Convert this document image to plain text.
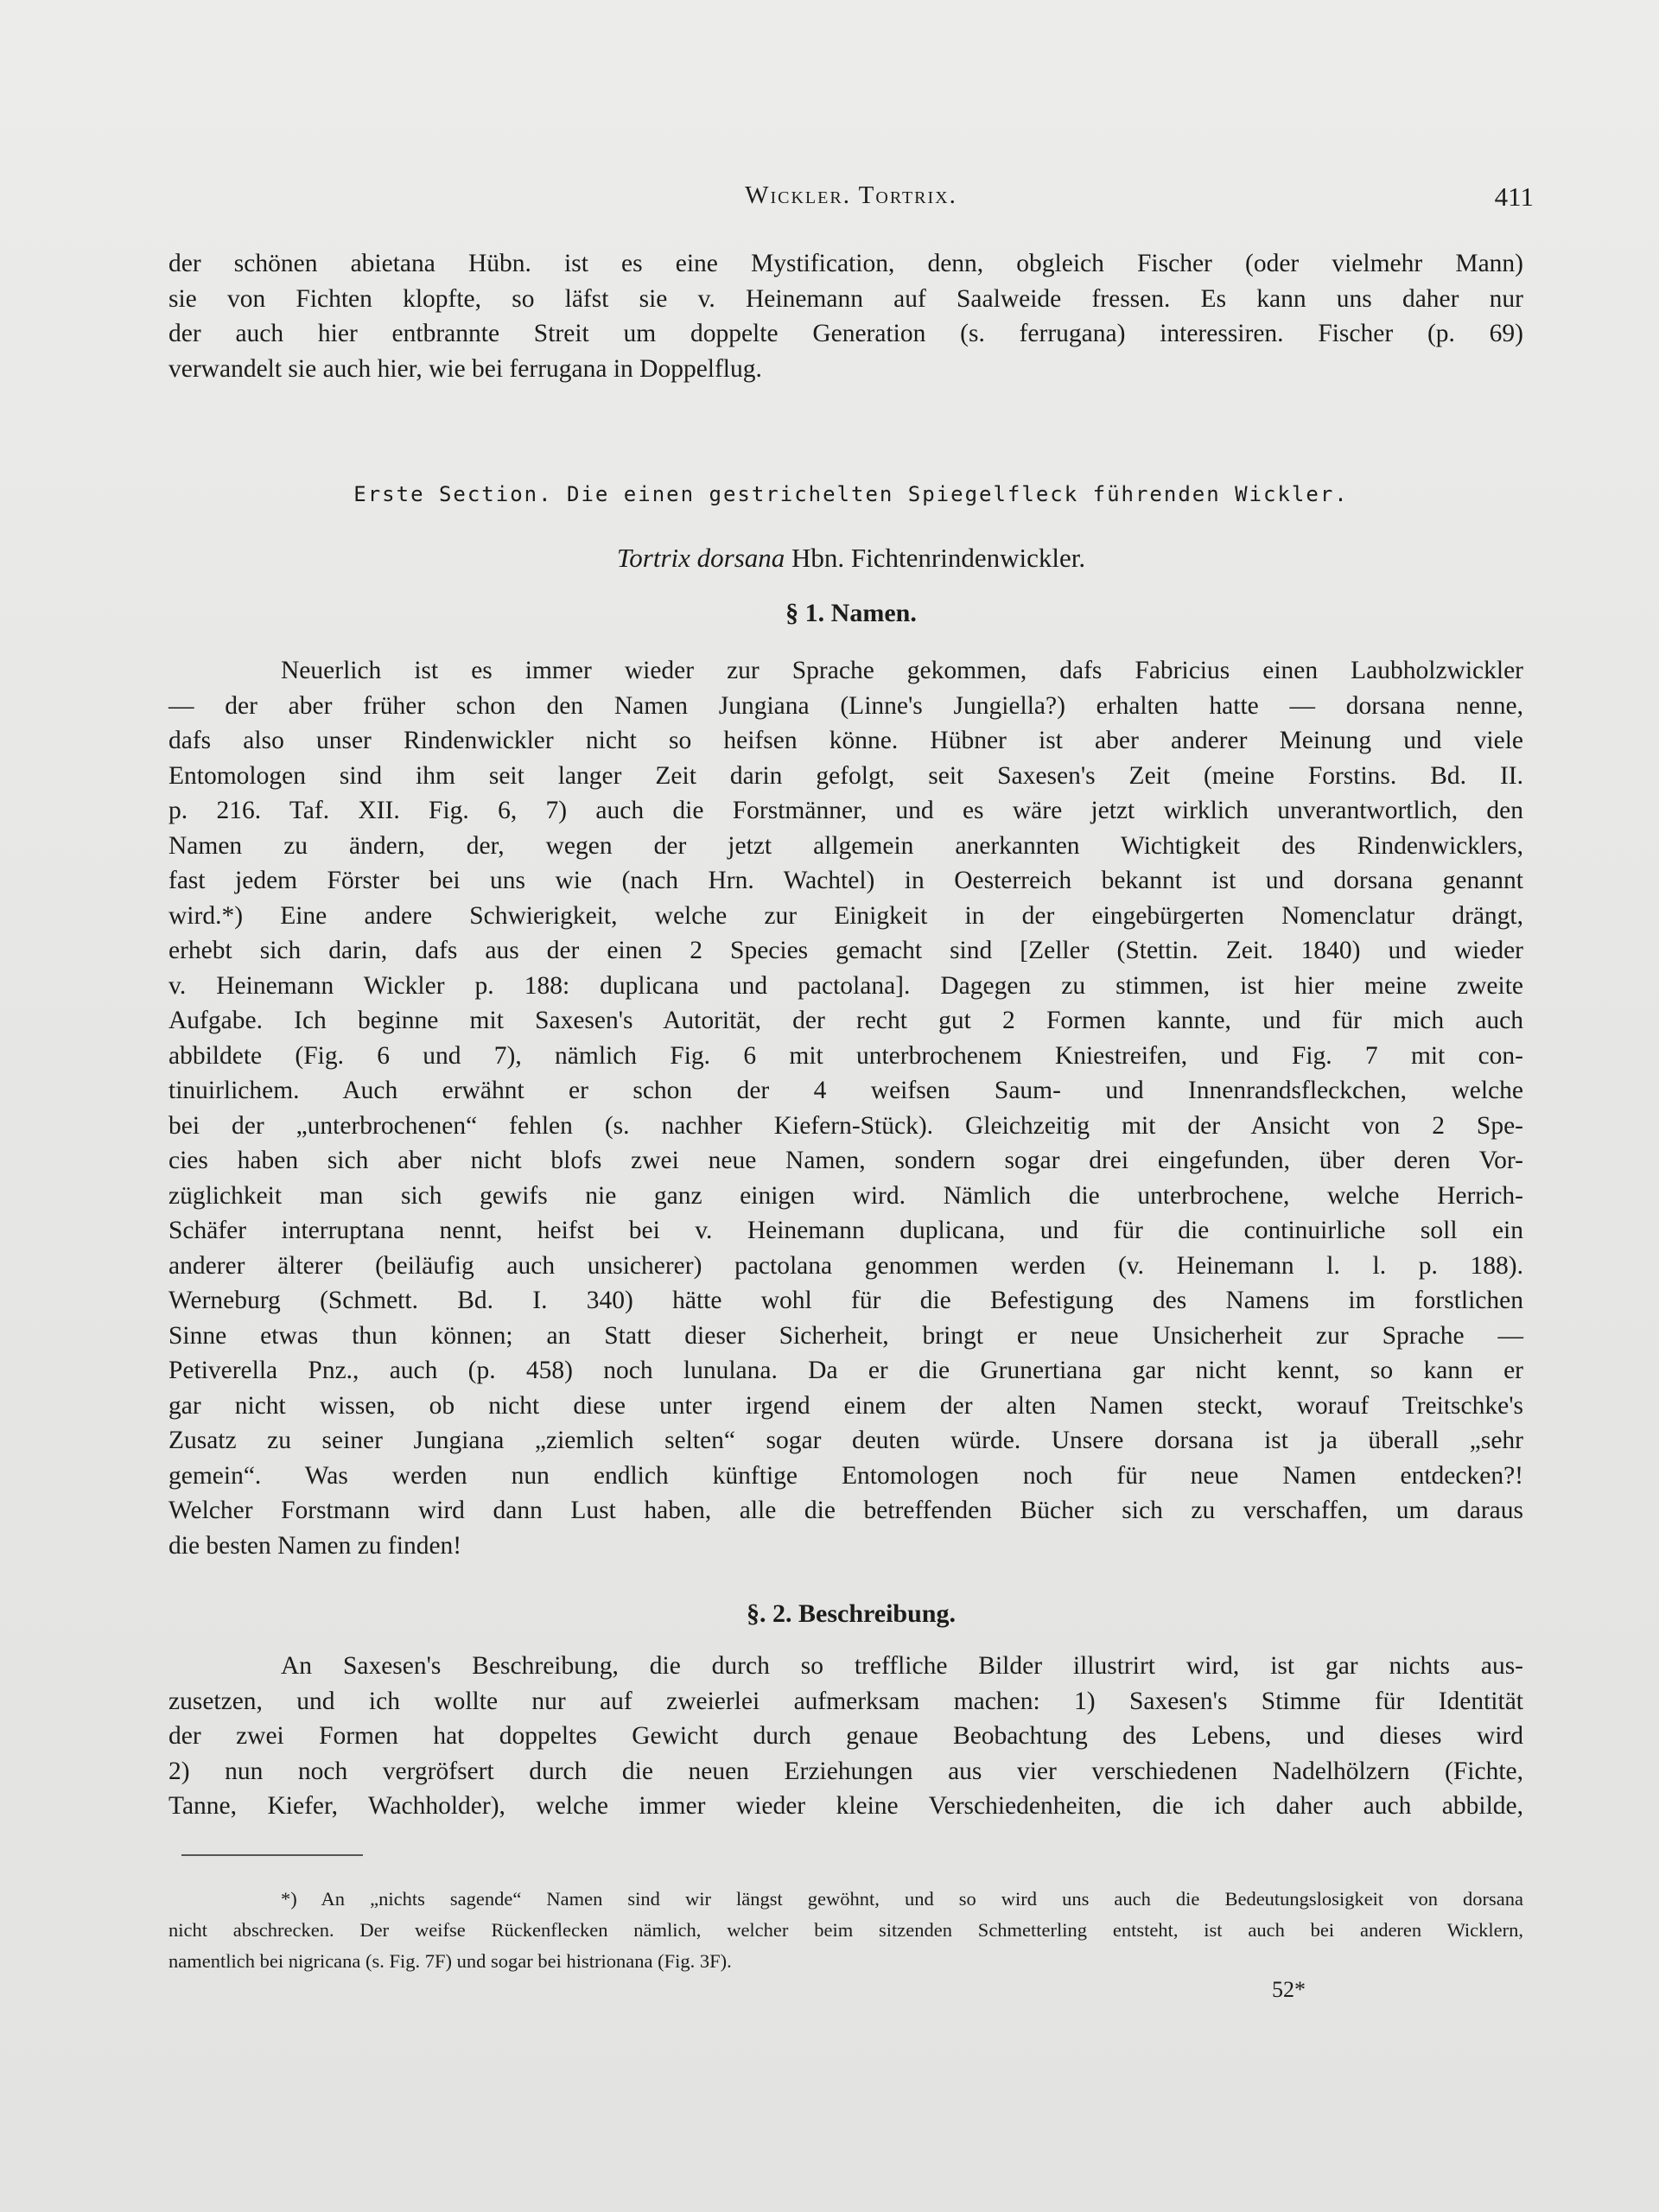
Wickler. Tortrix.	411
der schönen abietana Hübn. ist es eine Mystification, denn, obgleich Fischer (oder vielmehr Mann)
sie von Fichten klopfte, so läfst sie v. Heinemann auf Saalweide fressen. Es kann uns daher nur
der auch hier entbrannte Streit um doppelte Generation (s. ferrugana) interessiren. Fischer (p. 69)
verwandelt sie auch hier, wie bei ferrugana in Doppelflug.
Erste Section. Die einen gestrichelten Spiegelfleck führenden Wickler.
Tortrix dorsana Hbn. Fichtenrindenwickler.
§ 1. Namen.
Neuerlich ist es immer wieder zur Sprache gekommen, dafs Fabricius einen Laubholzwickler
— der aber früher schon den Namen Jungiana (Linne's Jungiella?) erhalten hatte — dorsana nenne,
dafs also unser Rindenwickler nicht so heifsen könne. Hübner ist aber anderer Meinung und viele
Entomologen sind ihm seit langer Zeit darin gefolgt, seit Saxesen's Zeit (meine Forstins. Bd. II.
p. 216. Taf. XII. Fig. 6, 7) auch die Forstmänner, und es wäre jetzt wirklich unverantwortlich, den
Namen zu ändern, der, wegen der jetzt allgemein anerkannten Wichtigkeit des Rindenwicklers,
fast jedem Förster bei uns wie (nach Hrn. Wachtel) in Oesterreich bekannt ist und dorsana genannt
wird.*) Eine andere Schwierigkeit, welche zur Einigkeit in der eingebürgerten Nomenclatur drängt,
erhebt sich darin, dafs aus der einen 2 Species gemacht sind [Zeller (Stettin. Zeit. 1840) und wieder
v. Heinemann Wickler p. 188: duplicana und pactolana]. Dagegen zu stimmen, ist hier meine zweite
Aufgabe. Ich beginne mit Saxesen's Autorität, der recht gut 2 Formen kannte, und für mich auch
abbildete (Fig. 6 und 7), nämlich Fig. 6 mit unterbrochenem Kniestreifen, und Fig. 7 mit con-
tinuirlichem. Auch erwähnt er schon der 4 weifsen Saum- und Innenrandsfleckchen, welche
bei der „unterbrochenen“ fehlen (s. nachher Kiefern-Stück). Gleichzeitig mit der Ansicht von 2 Spe-
cies haben sich aber nicht blofs zwei neue Namen, sondern sogar drei eingefunden, über deren Vor-
züglichkeit man sich gewifs nie ganz einigen wird. Nämlich die unterbrochene, welche Herrich-
Schäfer interruptana nennt, heifst bei v. Heinemann duplicana, und für die continuirliche soll ein
anderer älterer (beiläufig auch unsicherer) pactolana genommen werden (v. Heinemann l. l. p. 188).
Werneburg (Schmett. Bd. I. 340) hätte wohl für die Befestigung des Namens im forstlichen
Sinne etwas thun können; an Statt dieser Sicherheit, bringt er neue Unsicherheit zur Sprache —
Petiverella Pnz., auch (p. 458) noch lunulana. Da er die Grunertiana gar nicht kennt, so kann er
gar nicht wissen, ob nicht diese unter irgend einem der alten Namen steckt, worauf Treitschke's
Zusatz zu seiner Jungiana „ziemlich selten“ sogar deuten würde. Unsere dorsana ist ja überall „sehr
gemein“. Was werden nun endlich künftige Entomologen noch für neue Namen entdecken?!
Welcher Forstmann wird dann Lust haben, alle die betreffenden Bücher sich zu verschaffen, um daraus
die besten Namen zu finden!
§. 2. Beschreibung.
An Saxesen's Beschreibung, die durch so treffliche Bilder illustrirt wird, ist gar nichts aus-
zusetzen, und ich wollte nur auf zweierlei aufmerksam machen: 1) Saxesen's Stimme für Identität
der zwei Formen hat doppeltes Gewicht durch genaue Beobachtung des Lebens, und dieses wird
2) nun noch vergröfsert durch die neuen Erziehungen aus vier verschiedenen Nadelhölzern (Fichte,
Tanne, Kiefer, Wachholder), welche immer wieder kleine Verschiedenheiten, die ich daher auch abbilde,
*) An „nichts sagende“ Namen sind wir längst gewöhnt, und so wird uns auch die Bedeutungslosigkeit von dorsana
nicht abschrecken. Der weifse Rückenflecken nämlich, welcher beim sitzenden Schmetterling entsteht, ist auch bei anderen Wicklern,
namentlich bei nigricana (s. Fig. 7F) und sogar bei histrionana (Fig. 3F).
52*
